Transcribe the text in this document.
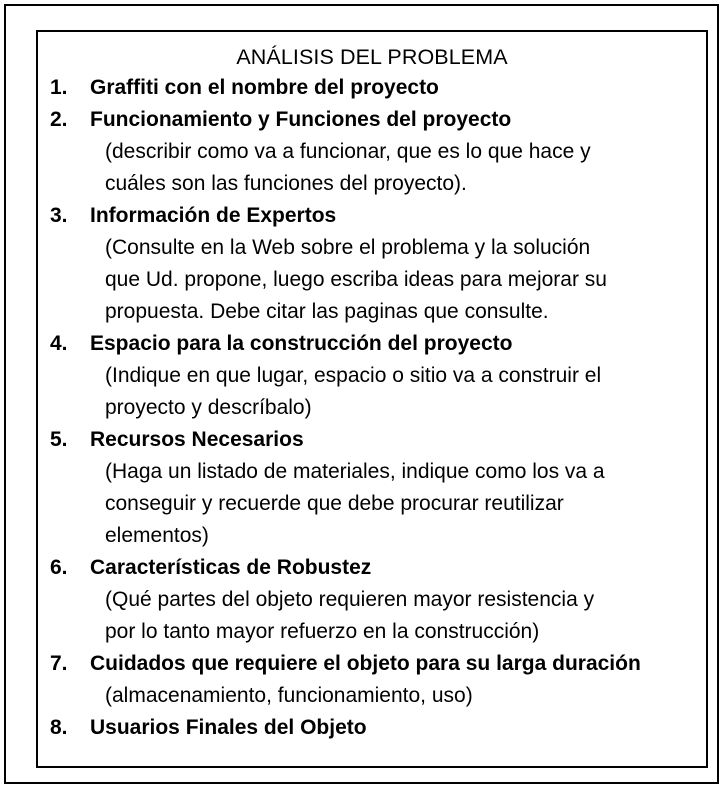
ANÁLISIS DEL PROBLEMA
1. Graffiti con el nombre del proyecto
2. Funcionamiento y Funciones del proyecto
(describir como va a funcionar, que es lo que hace y
cuáles son las funciones del proyecto).
3. Información de Expertos
(Consulte en la Web sobre el problema y la solución
que Ud. propone, luego escriba ideas para mejorar su
propuesta. Debe citar las paginas que consulte.
4. Espacio para la construcción del proyecto
(Indique en que lugar, espacio o sitio va a construir el
proyecto y descríbalo)
5. Recursos Necesarios
(Haga un listado de materiales, indique como los va a
conseguir y recuerde que debe procurar reutilizar
elementos)
6. Características de Robustez
(Qué partes del objeto requieren mayor resistencia y
por lo tanto mayor refuerzo en la construcción)
7. Cuidados que requiere el objeto para su larga duración
(almacenamiento, funcionamiento, uso)
8. Usuarios Finales del Objeto
